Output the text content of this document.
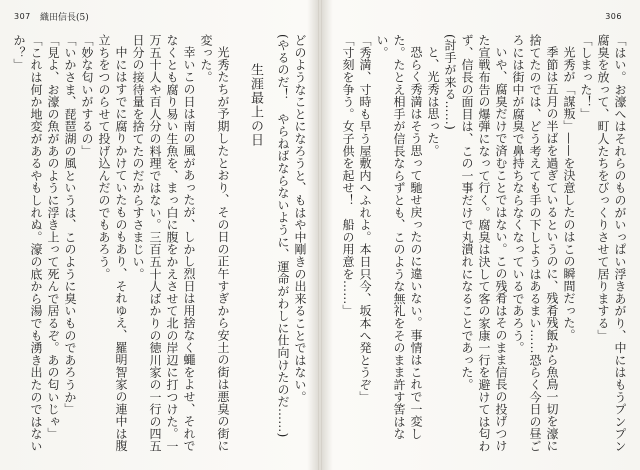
307 織田信長(5)

どのようなことになろうと、もはや中剛きの出来ることではない。

(やるのだ！　やらねばならないように、運命がわしに仕向けたのだ……)

生涯最上の日

光秀たちが予期したとおり、その日の正午すぎから安土の街は悪臭の街に変った。

幸いこの日は南の風があったが、しかし烈日は用捨なく蠅をよせ、それでなくとも腐り易い生魚を、まっ白に腹をかえさせて北の岸辺に打つけた。一万五十人や百人分の料理ではない。三百五十人ばかりの徳川家の一行の四五日分の接待量を捨てたのだからすさまじい。

中にはすでに腐りかけていたものもあり、それゆえ、羅明智家の連中は腹立ちをつのらせて投げ込んだのでもあろう。

「妙な匂いがするの」

「いかさま、琵琶湖の風というは、このように臭いものであろうか」

「見よ、お濠の魚があのように浮き上って死んで居るぞ。あの匂いじゃ」

「これは何か地変があるやもしれぬ。濠の底から湯でも湧き出たのではないか？」

306

「はい。お濠へはそれらのものがいっぱい浮きあがり、中にはもうプンプン腐臭を放って、町人たちをびっくりさせて居りまする」

「しまった！」

光秀が「謀叛」——を決意したのはこの瞬間だった。

季節は五月の半ばを過ぎているというのに、残肴残飯から魚鳥一切を濠に捨てたのでは、どう考えても手の下しようはあるまい……恐らく今日の昼ごろには街中が腐臭で鼻持ちならなくなっているであろう。

いや、腐臭だけで済むことではない。この残肴はそのまま信長の投げつけた宣戦布告の爆弾になって行く。腐臭は決して客の家康一行を避けては匂わず、信長の面目は、この一事だけで丸潰れになることであった。

(討手が来る……)

と、光秀は思った。

恐らく秀満はそう思って馳せ戻ったのに違いない。事情はこれで一変した。たとえ相手が信長ならずとも、このような無礼をそのまま許す筈はない。

「秀満、寸時も早う屋敷内へふれよ。本日只今、坂本へ発とうぞ」

「寸刻を争う。女子供を起せ！　船の用意を……」
